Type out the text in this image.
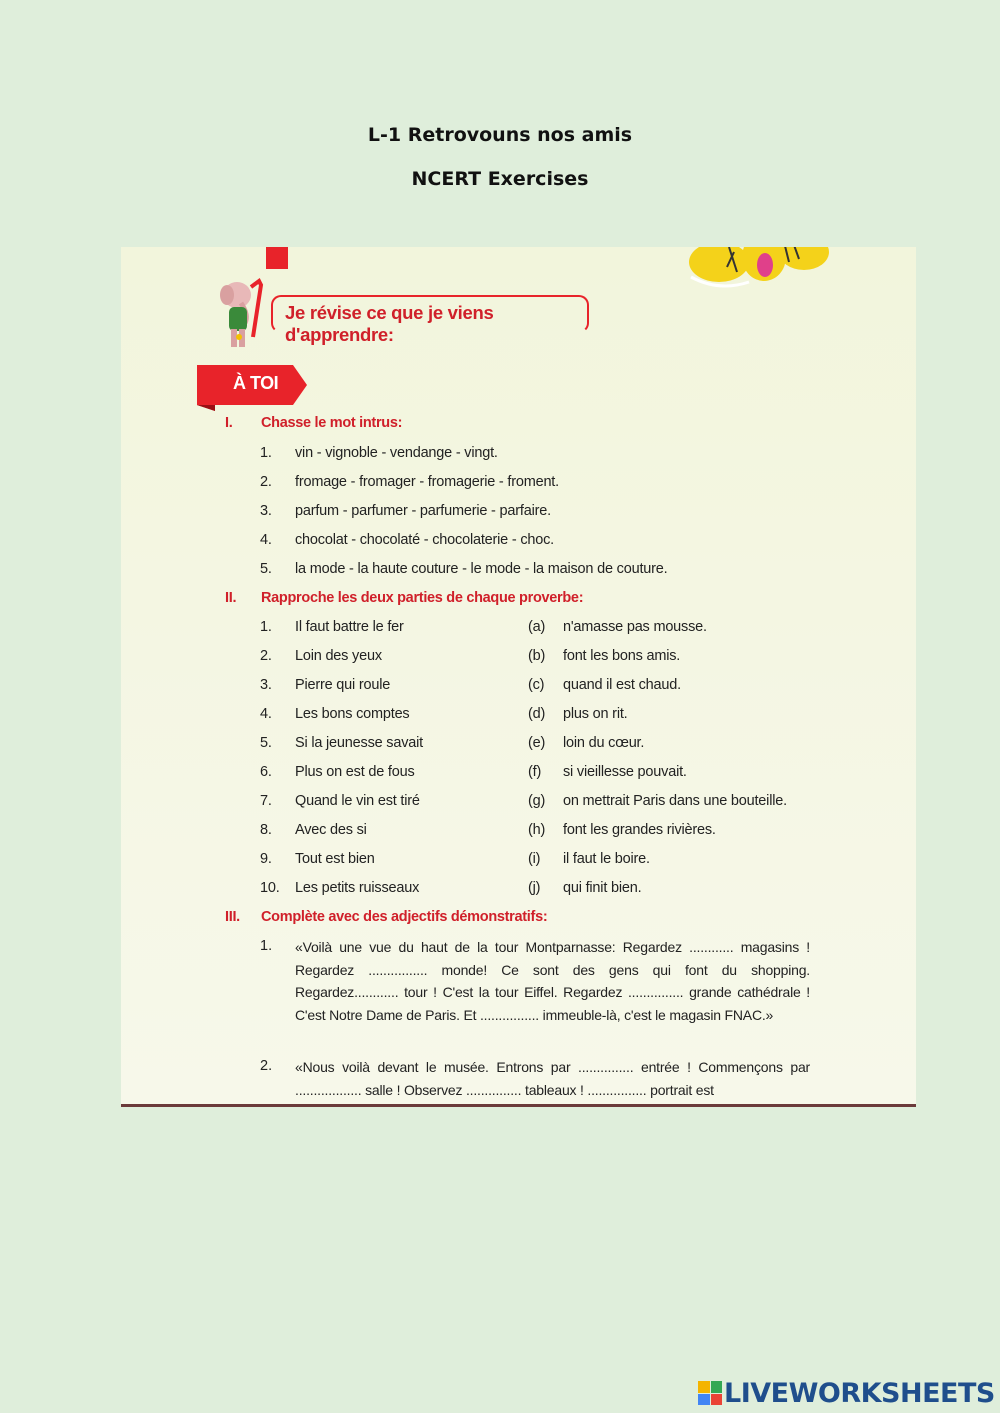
L-1 Retrovouns nos amis
NCERT Exercises
Je révise ce que je viens d'apprendre:
À TOI
I. Chasse le mot intrus:
1. vin - vignoble - vendange - vingt.
2. fromage - fromager - fromagerie - froment.
3. parfum - parfumer - parfumerie - parfaire.
4. chocolat - chocolaté - chocolaterie - choc.
5. la mode - la haute couture - le mode - la maison de couture.
II. Rapproche les deux parties de chaque proverbe:
1. Il faut battre le fer	(a) n'amasse pas mousse.
2. Loin des yeux	(b) font les bons amis.
3. Pierre qui roule	(c) quand il est chaud.
4. Les bons comptes	(d) plus on rit.
5. Si la jeunesse savait	(e) loin du cœur.
6. Plus on est de fous	(f) si vieillesse pouvait.
7. Quand le vin est tiré	(g) on mettrait Paris dans une bouteille.
8. Avec des si	(h) font les grandes rivières.
9. Tout est bien	(i) il faut le boire.
10. Les petits ruisseaux	(j) qui finit bien.
III. Complète avec des adjectifs démonstratifs:
1. «Voilà une vue du haut de la tour Montparnasse: Regardez ............ magasins ! Regardez ................ monde! Ce sont des gens qui font du shopping. Regardez............ tour ! C'est la tour Eiffel. Regardez ............... grande cathédrale ! C'est Notre Dame de Paris. Et ................ immeuble-là, c'est le magasin FNAC.»
2. «Nous voilà devant le musée. Entrons par ............... entrée ! Commençons par .................. salle ! Observez ............... tableaux ! ................ portrait est
LIVEWORKSHEETS
